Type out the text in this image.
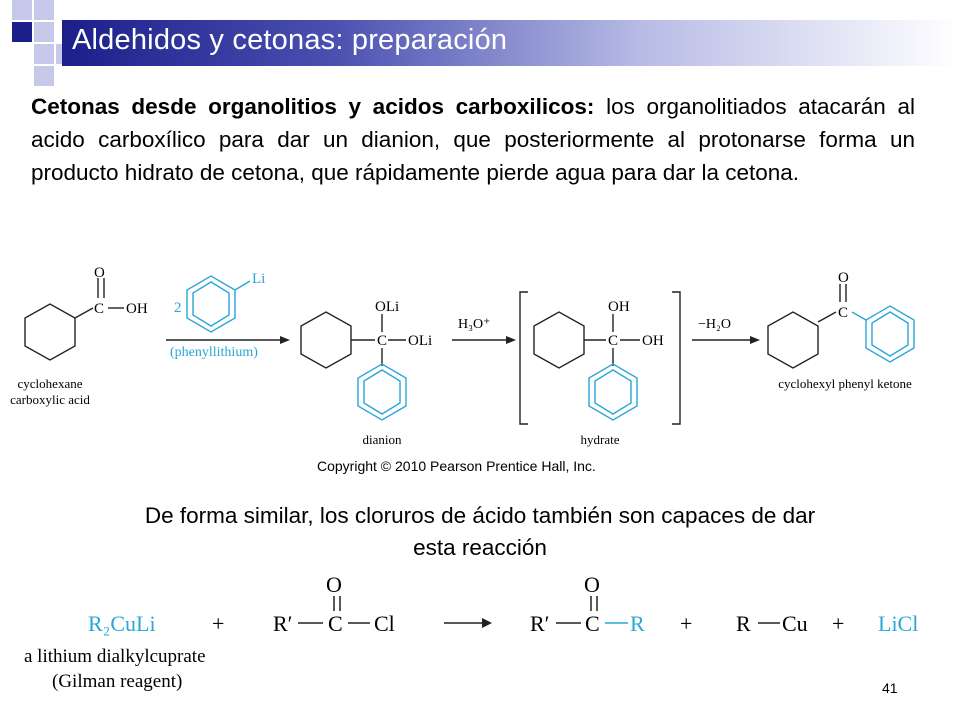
Aldehidos y cetonas: preparación
Cetonas desde organolitios y acidos carboxilicos: los organolitiados atacarán al acido carboxílico para dar un dianion, que posteriormente al protonarse forma un producto hidrato de cetona, que rápidamente pierde agua para dar la cetona.
O
C OH
cyclohexane
carboxylic acid
2
Li
(phenyllithium)
OLi
C OLi
dianion
H₃O⁺
OH
C OH
hydrate
−H₂O
O
C
cyclohexyl phenyl ketone
Copyright © 2010 Pearson Prentice Hall, Inc.
De forma similar, los cloruros de ácido también son capaces de dar
esta reacción
R₂CuLi	+ R′ C
O
Cl	R′ C
O
R + R Cu + LiCl
a lithium dialkylcuprate
(Gilman reagent)	41
